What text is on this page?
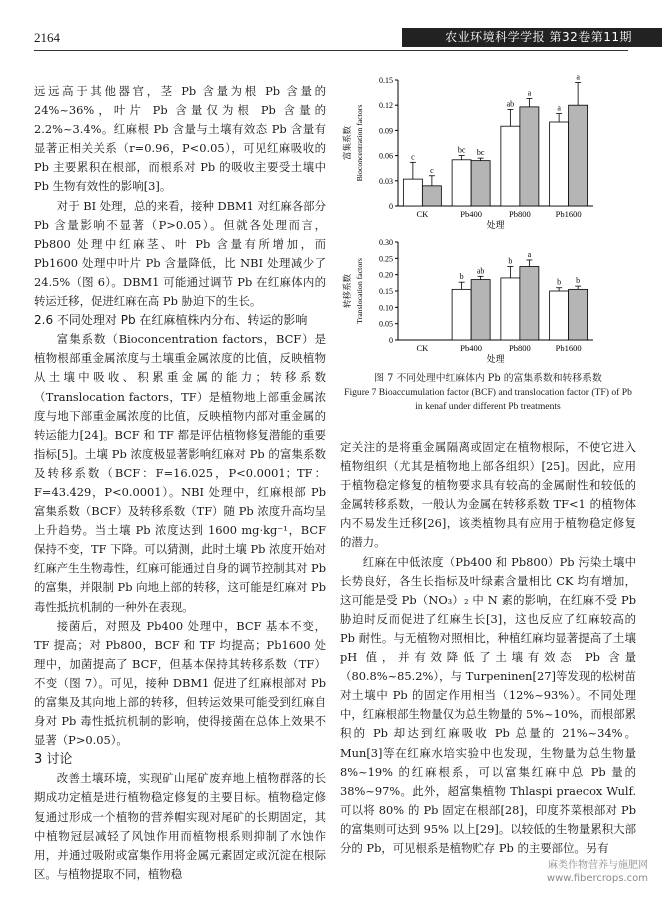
2164	农业环境科学学报 第32卷第11期

远远高于其他器官，茎 Pb 含量为根 Pb 含量的 24%~36%，叶片 Pb 含量仅为根 Pb 含量的 2.2%~3.4%。红麻根 Pb 含量与土壤有效态 Pb 含量有显著正相关关系（r=0.96，P<0.05），可见红麻吸收的 Pb 主要累积在根部，而根系对 Pb 的吸收主要受土壤中 Pb 生物有效性的影响[3]。

对于 BI 处理，总的来看，接种 DBM1 对红麻各部分 Pb 含量影响不显著（P>0.05）。但就各处理而言，Pb800 处理中红麻茎、叶 Pb 含量有所增加，而 Pb1600 处理中叶片 Pb 含量降低，比 NBI 处理减少了 24.5%（图 6）。DBM1 可能通过调节 Pb 在红麻体内的转运迁移，促进红麻在高 Pb 胁迫下的生长。

2.6 不同处理对 Pb 在红麻植株内分布、转运的影响

富集系数（Bioconcentration factors，BCF）是植物根部重金属浓度与土壤重金属浓度的比值，反映植物从土壤中吸收、积累重金属的能力；转移系数（Translocation factors，TF）是植物地上部重金属浓度与地下部重金属浓度的比值，反映植物内部对重金属的转运能力[24]。BCF 和 TF 都是评估植物修复潜能的重要指标[5]。土壤 Pb 浓度极显著影响红麻对 Pb 的富集系数及转移系数（BCF：F=16.025，P<0.0001；TF：F=43.429，P<0.0001）。NBI 处理中，红麻根部 Pb 富集系数（BCF）及转移系数（TF）随 Pb 浓度升高均呈上升趋势。当土壤 Pb 浓度达到 1600 mg·kg⁻¹，BCF 保持不变，TF 下降。可以猜测，此时土壤 Pb 浓度开始对红麻产生生物毒性，红麻可能通过自身的调节控制其对 Pb 的富集，并限制 Pb 向地上部的转移，这可能是红麻对 Pb 毒性抵抗机制的一种外在表现。

接菌后，对照及 Pb400 处理中，BCF 基本不变，TF 提高；对 Pb800，BCF 和 TF 均提高；Pb1600 处理中，加菌提高了 BCF，但基本保持其转移系数（TF）不变（图 7）。可见，接种 DBM1 促进了红麻根部对 Pb 的富集及其向地上部的转移，但转运效果可能受到红麻自身对 Pb 毒性抵抗机制的影响，使得接菌在总体上效果不显著（P>0.05）。

3 讨论

改善土壤环境，实现矿山尾矿废弃地上植物群落的长期成功定植是进行植物稳定修复的主要目标。植物稳定修复通过形成一个植物的营养帽实现对尾矿的长期固定，其中植物冠层减轻了风蚀作用而植物根系则抑制了水蚀作用，并通过吸附或富集作用将金属元素固定或沉淀在根际区。与植物提取不同，植物稳

0
0.03
0.06
0.09
0.12
0.15
CK
c
c
Pb400
bc bc
Pb800
ab
a
Pb1600
a
a
处理
富集系数 Bioconcentration factors
0
0.05
0.10
0.15
0.20
0.25
0.30
CK	Pb400
b
ab
Pb800
b
a
Pb1600
b b
处理
转移系数 Translocation factors
图 7 不同处理中红麻体内 Pb 的富集系数和转移系数
Figure 7 Bioaccumulation factor (BCF) and translocation factor (TF) of Pb in kenaf under different Pb treatments

定关注的是将重金属隔离或固定在植物根际，不使它进入植物组织（尤其是植物地上部各组织）[25]。因此，应用于植物稳定修复的植物要求具有较高的金属耐性和较低的金属转移系数，一般认为金属在转移系数 TF<1 的植物体内不易发生迁移[26]，该类植物具有应用于植物稳定修复的潜力。

红麻在中低浓度（Pb400 和 Pb800）Pb 污染土壤中长势良好，各生长指标及叶绿素含量相比 CK 均有增加，这可能是受 Pb（NO₃）₂ 中 N 素的影响，在红麻不受 Pb 胁迫时反而促进了红麻生长[3]，这也反应了红麻较高的 Pb 耐性。与无植物对照相比，种植红麻均显著提高了土壤 pH 值，并有效降低了土壤有效态 Pb 含量（80.8%~85.2%），与 Turpeninen[27]等发现的松树苗对土壤中 Pb 的固定作用相当（12%~93%）。不同处理中，红麻根部生物量仅为总生物量的 5%~10%，而根部累积的 Pb 却达到红麻吸收 Pb 总量的 21%~34%。Mun[3]等在红麻水培实验中也发现，生物量为总生物量 8%~19% 的红麻根系，可以富集红麻中总 Pb 量的 38%~97%。此外，超富集植物 Thlaspi praecox Wulf. 可以将 80% 的 Pb 固定在根部[28]，印度芥菜根部对 Pb 的富集则可达到 95% 以上[29]。以较低的生物量累积大部分的 Pb，可见根系是植物贮存 Pb 的主要部位。另有

麻类作物营养与施肥网
www.fibercrops.com
